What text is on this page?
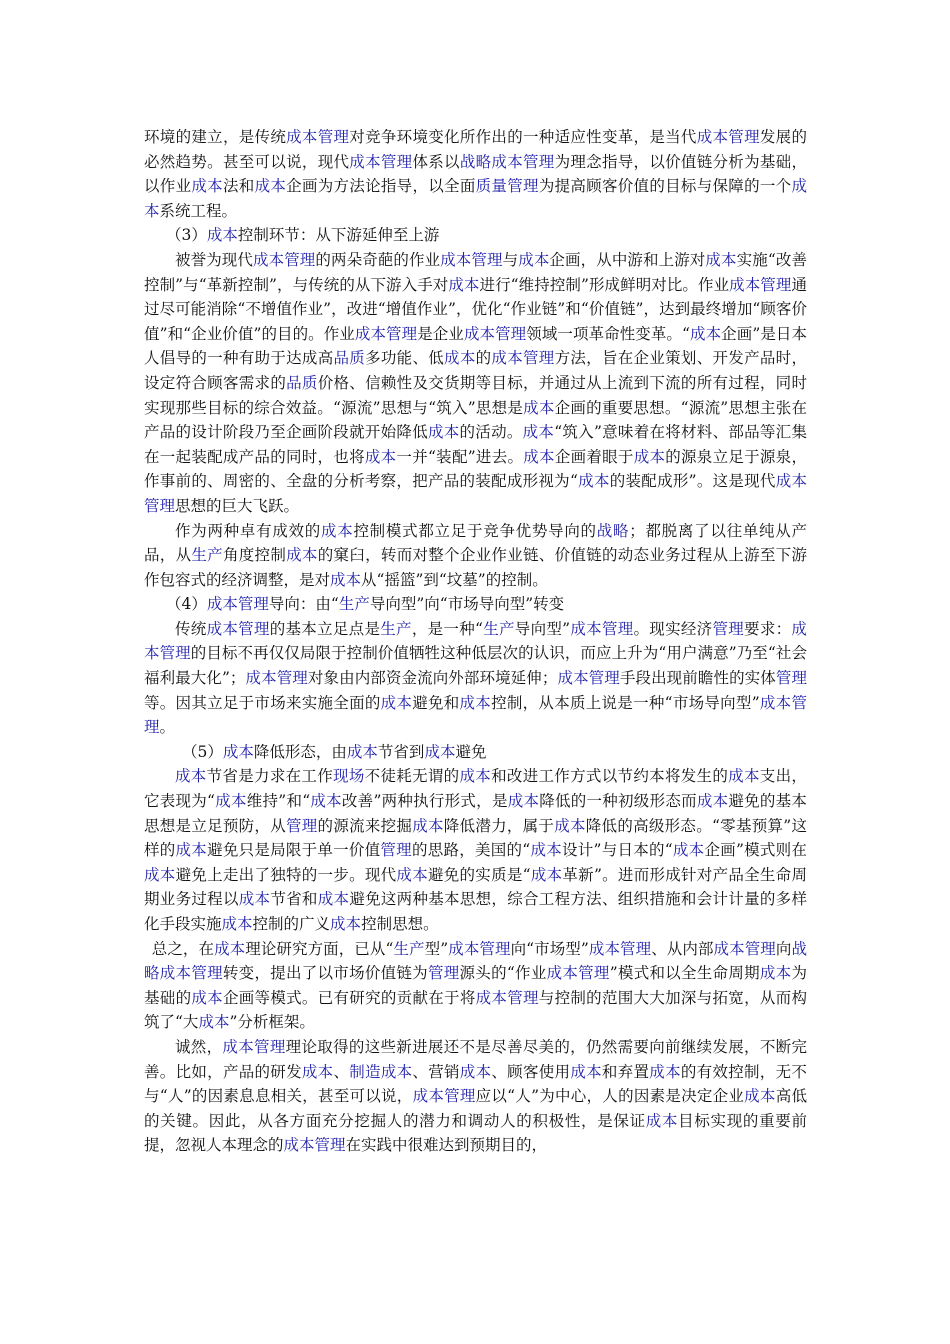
环境的建立，是传统成本管理对竞争环境变化所作出的一种适应性变革，是当代成本管理发展的必然趋势。甚至可以说，现代成本管理体系以战略成本管理为理念指导，以价值链分析为基础，以作业成本法和成本企画为方法论指导，以全面质量管理为提高顾客价值的目标与保障的一个成本系统工程。

（3）成本控制环节：从下游延伸至上游

被誉为现代成本管理的两朵奇葩的作业成本管理与成本企画，从中游和上游对成本实施“改善控制”与“革新控制”，与传统的从下游入手对成本进行“维持控制”形成鲜明对比。作业成本管理通过尽可能消除“不增值作业”，改进“增值作业”，优化“作业链”和“价值链”，达到最终增加“顾客价值”和“企业价值”的目的。作业成本管理是企业成本管理领域一项革命性变革。“成本企画”是日本人倡导的一种有助于达成高品质多功能、低成本的成本管理方法，旨在企业策划、开发产品时，设定符合顾客需求的品质价格、信赖性及交货期等目标，并通过从上流到下流的所有过程，同时实现那些目标的综合效益。“源流”思想与“筑入”思想是成本企画的重要思想。“源流”思想主张在产品的设计阶段乃至企画阶段就开始降低成本的活动。成本“筑入”意味着在将材料、部品等汇集在一起装配成产品的同时，也将成本一并“装配”进去。成本企画着眼于成本的源泉立足于源泉，作事前的、周密的、全盘的分析考察，把产品的装配成形视为“成本的装配成形”。这是现代成本管理思想的巨大飞跃。

作为两种卓有成效的成本控制模式都立足于竞争优势导向的战略；都脱离了以往单纯从产品，从生产角度控制成本的窠臼，转而对整个企业作业链、价值链的动态业务过程从上游至下游作包容式的经济调整，是对成本从“摇篮”到“坟墓”的控制。

（4）成本管理导向：由“生产导向型”向“市场导向型”转变

传统成本管理的基本立足点是生产，是一种“生产导向型”成本管理。现实经济管理要求：成本管理的目标不再仅仅局限于控制价值牺牲这种低层次的认识，而应上升为“用户满意”乃至“社会福利最大化”；成本管理对象由内部资金流向外部环境延伸；成本管理手段出现前瞻性的实体管理等。因其立足于市场来实施全面的成本避免和成本控制，从本质上说是一种“市场导向型”成本管理。

（5）成本降低形态，由成本节省到成本避免

成本节省是力求在工作现场不徒耗无谓的成本和改进工作方式以节约本将发生的成本支出，它表现为“成本维持”和“成本改善”两种执行形式，是成本降低的一种初级形态而成本避免的基本思想是立足预防，从管理的源流来挖掘成本降低潜力，属于成本降低的高级形态。“零基预算”这样的成本避免只是局限于单一价值管理的思路，美国的“成本设计”与日本的“成本企画”模式则在成本避免上走出了独特的一步。现代成本避免的实质是“成本革新”。进而形成针对产品全生命周期业务过程以成本节省和成本避免这两种基本思想，综合工程方法、组织措施和会计计量的多样化手段实施成本控制的广义成本控制思想。

总之，在成本理论研究方面，已从“生产型”成本管理向“市场型”成本管理、从内部成本管理向战略成本管理转变，提出了以市场价值链为管理源头的“作业成本管理”模式和以全生命周期成本为基础的成本企画等模式。已有研究的贡献在于将成本管理与控制的范围大大加深与拓宽，从而构筑了“大成本”分析框架。

诚然，成本管理理论取得的这些新进展还不是尽善尽美的，仍然需要向前继续发展，不断完善。比如，产品的研发成本、制造成本、营销成本、顾客使用成本和弃置成本的有效控制，无不与“人”的因素息息相关，甚至可以说，成本管理应以“人”为中心，人的因素是决定企业成本高低的关键。因此，从各方面充分挖掘人的潜力和调动人的积极性，是保证成本目标实现的重要前提，忽视人本理念的成本管理在实践中很难达到预期目的，
